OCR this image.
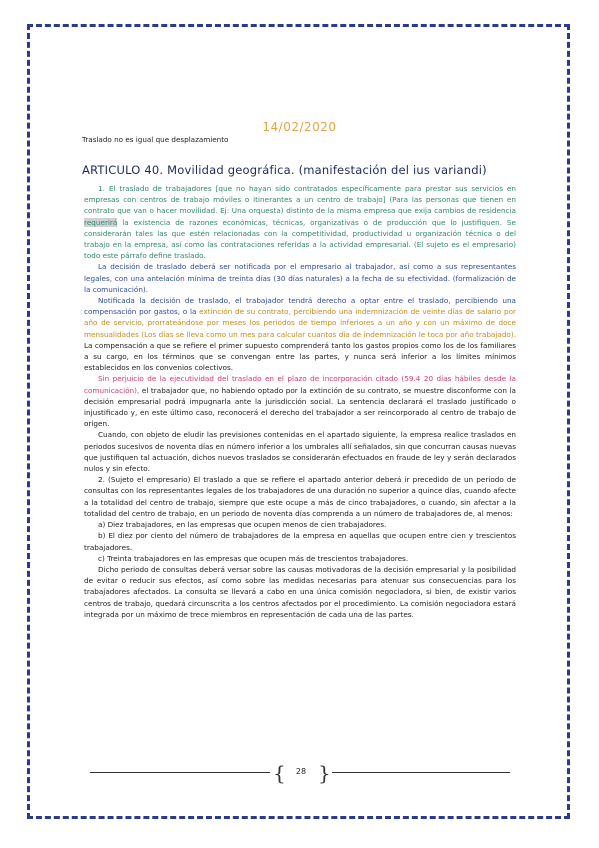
14/02/2020
Traslado no es igual que desplazamiento
ARTICULO 40. Movilidad geográfica. (manifestación del ius variandi)

1. El traslado de trabajadores [que no hayan sido contratados específicamente para prestar sus servicios en empresas con centros de trabajo móviles o itinerantes a un centro de trabajo] (Para las personas que tienen en contrato que van o hacer movilidad. Ej: Una orquesta) distinto de la misma empresa que exija cambios de residencia requerirá la existencia de razones económicas, técnicas, organizativas o de producción que lo justifiquen. Se considerarán tales las que estén relacionadas con la competitividad, productividad u organización técnica o del trabajo en la empresa, así como las contrataciones referidas a la actividad empresarial. (El sujeto es el empresario) todo este párrafo define traslado.

La decisión de traslado deberá ser notificada por el empresario al trabajador, así como a sus representantes legales, con una antelación mínima de treinta días (30 días naturales) a la fecha de su efectividad. (formalización de la comunicación).

Notificada la decisión de traslado, el trabajador tendrá derecho a optar entre el traslado, percibiendo una compensación por gastos, o la extinción de su contrato, percibiendo una indemnización de veinte días de salario por año de servicio, prorrateándose por meses los periodos de tiempo inferiores a un año y con un máximo de doce mensualidades (Los días se lleva como un mes para calcular cuantos día de indemnización le toca por año trabajado). La compensación a que se refiere el primer supuesto comprenderá tanto los gastos propios como los de los familiares a su cargo, en los términos que se convengan entre las partes, y nunca será inferior a los límites mínimos establecidos en los convenios colectivos.

Sin perjuicio de la ejecutividad del traslado en el plazo de incorporación citado (59.4 20 días hábiles desde la comunicación), el trabajador que, no habiendo optado por la extinción de su contrato, se muestre disconforme con la decisión empresarial podrá impugnarla ante la jurisdicción social. La sentencia declarará el traslado justificado o injustificado y, en este último caso, reconocerá el derecho del trabajador a ser reincorporado al centro de trabajo de origen.

Cuando, con objeto de eludir las previsiones contenidas en el apartado siguiente, la empresa realice traslados en periodos sucesivos de noventa días en número inferior a los umbrales allí señalados, sin que concurran causas nuevas que justifiquen tal actuación, dichos nuevos traslados se considerarán efectuados en fraude de ley y serán declarados nulos y sin efecto.

2. (Sujeto el empresario) El traslado a que se refiere el apartado anterior deberá ir precedido de un periodo de consultas con los representantes legales de los trabajadores de una duración no superior a quince días, cuando afecte a la totalidad del centro de trabajo, siempre que este ocupe a más de cinco trabajadores, o cuando, sin afectar a la totalidad del centro de trabajo, en un periodo de noventa días comprenda a un número de trabajadores de, al menos:

a) Diez trabajadores, en las empresas que ocupen menos de cien trabajadores.

b) El diez por ciento del número de trabajadores de la empresa en aquellas que ocupen entre cien y trescientos trabajadores.

c) Treinta trabajadores en las empresas que ocupen más de trescientos trabajadores.

Dicho periodo de consultas deberá versar sobre las causas motivadoras de la decisión empresarial y la posibilidad de evitar o reducir sus efectos, así como sobre las medidas necesarias para atenuar sus consecuencias para los trabajadores afectados. La consulta se llevará a cabo en una única comisión negociadora, si bien, de existir varios centros de trabajo, quedará circunscrita a los centros afectados por el procedimiento. La comisión negociadora estará integrada por un máximo de trece miembros en representación de cada una de las partes.

{	28 }
